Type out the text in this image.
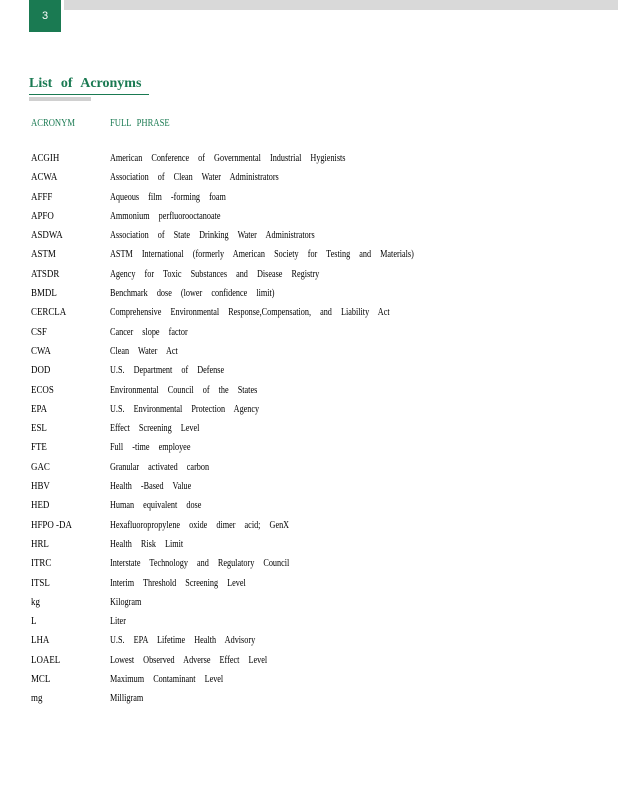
3
List of Acronyms
ACRONYM	FULL PHRASE
ACGIH	American Conference of Governmental Industrial Hygienists
ACWA	Association of Clean Water Administrators
AFFF	Aqueous film -forming foam
APFO	Ammonium perfluorooctanoate
ASDWA	Association of State Drinking Water Administrators
ASTM	ASTM International (formerly American Society for Testing and Materials)
ATSDR	Agency for Toxic Substances and Disease Registry
BMDL	Benchmark dose (lower confidence limit)
CERCLA	Comprehensive Environmental Response,Compensation, and Liability Act
CSF	Cancer slope factor
CWA	Clean Water Act
DOD	U.S. Department of Defense
ECOS	Environmental Council of the States
EPA	U.S. Environmental Protection Agency
ESL	Effect Screening Level
FTE	Full -time employee
GAC	Granular activated carbon
HBV	Health -Based Value
HED	Human equivalent dose
HFPO -DA	Hexafluoropropylene oxide dimer acid; GenX
HRL	Health Risk Limit
ITRC	Interstate Technology and Regulatory Council
ITSL	Interim Threshold Screening Level
kg	Kilogram
L	Liter
LHA	U.S. EPA Lifetime Health Advisory
LOAEL	Lowest Observed Adverse Effect Level
MCL	Maximum Contaminant Level
mg	Milligram
